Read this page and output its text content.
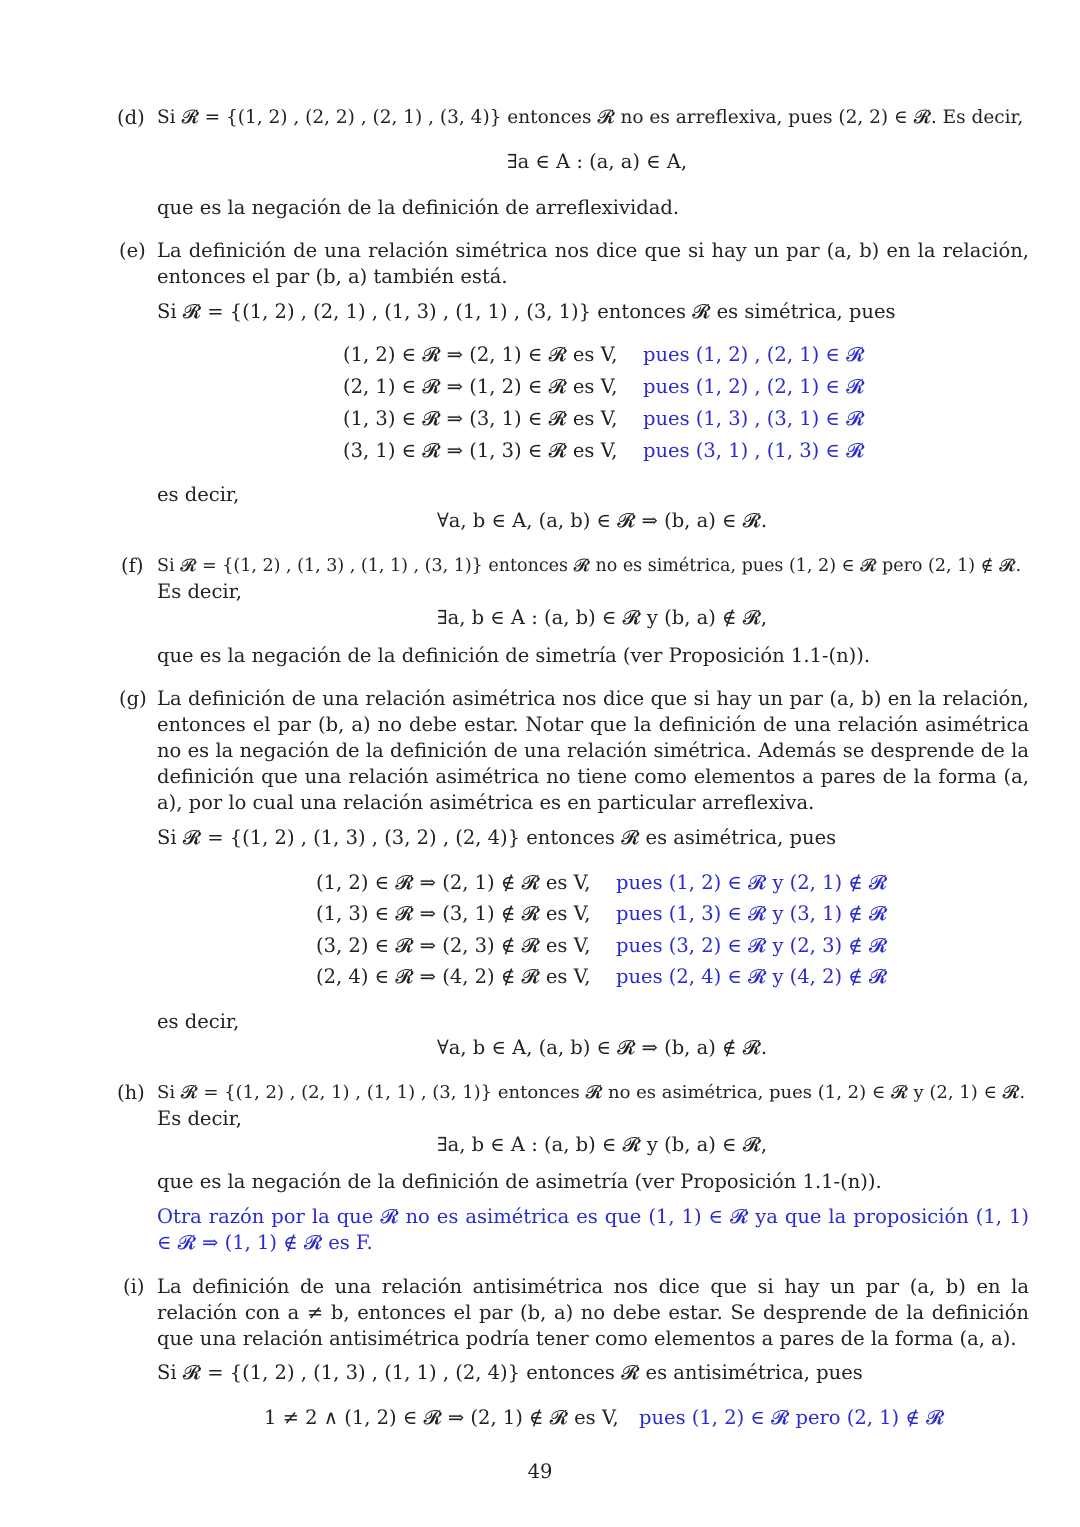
(d) Si 𝓡 = {(1, 2) , (2, 2) , (2, 1) , (3, 4)} entonces 𝓡 no es arreflexiva, pues (2, 2) ∈ 𝓡. Es decir,
∃a ∈ A : (a, a) ∈ A,
que es la negación de la definición de arreflexividad.
(e) La definición de una relación simétrica nos dice que si hay un par (a, b) en la relación, entonces el par (b, a) también está.
Si 𝓡 = {(1, 2) , (2, 1) , (1, 3) , (1, 1) , (3, 1)} entonces 𝓡 es simétrica, pues
(1, 2) ∈ 𝓡 ⇒ (2, 1) ∈ 𝓡 es V, pues (1, 2) , (2, 1) ∈ 𝓡
(2, 1) ∈ 𝓡 ⇒ (1, 2) ∈ 𝓡 es V, pues (1, 2) , (2, 1) ∈ 𝓡
(1, 3) ∈ 𝓡 ⇒ (3, 1) ∈ 𝓡 es V, pues (1, 3) , (3, 1) ∈ 𝓡
(3, 1) ∈ 𝓡 ⇒ (1, 3) ∈ 𝓡 es V, pues (3, 1) , (1, 3) ∈ 𝓡
es decir,
∀a, b ∈ A, (a, b) ∈ 𝓡 ⇒ (b, a) ∈ 𝓡.
(f) Si 𝓡 = {(1, 2) , (1, 3) , (1, 1) , (3, 1)} entonces 𝓡 no es simétrica, pues (1, 2) ∈ 𝓡 pero (2, 1) ∉ 𝓡.
Es decir,
∃a, b ∈ A : (a, b) ∈ 𝓡 y (b, a) ∉ 𝓡,
que es la negación de la definición de simetría (ver Proposición 1.1-(n)).
(g) La definición de una relación asimétrica nos dice que si hay un par (a, b) en la relación, entonces el par (b, a) no debe estar. Notar que la definición de una relación asimétrica no es la negación de la definición de una relación simétrica. Además se desprende de la definición que una relación asimétrica no tiene como elementos a pares de la forma (a, a), por lo cual una relación asimétrica es en particular arreflexiva.
Si 𝓡 = {(1, 2) , (1, 3) , (3, 2) , (2, 4)} entonces 𝓡 es asimétrica, pues
(1, 2) ∈ 𝓡 ⇒ (2, 1) ∉ 𝓡 es V, pues (1, 2) ∈ 𝓡 y (2, 1) ∉ 𝓡
(1, 3) ∈ 𝓡 ⇒ (3, 1) ∉ 𝓡 es V, pues (1, 3) ∈ 𝓡 y (3, 1) ∉ 𝓡
(3, 2) ∈ 𝓡 ⇒ (2, 3) ∉ 𝓡 es V, pues (3, 2) ∈ 𝓡 y (2, 3) ∉ 𝓡
(2, 4) ∈ 𝓡 ⇒ (4, 2) ∉ 𝓡 es V, pues (2, 4) ∈ 𝓡 y (4, 2) ∉ 𝓡
es decir,
∀a, b ∈ A, (a, b) ∈ 𝓡 ⇒ (b, a) ∉ 𝓡.
(h) Si 𝓡 = {(1, 2) , (2, 1) , (1, 1) , (3, 1)} entonces 𝓡 no es asimétrica, pues (1, 2) ∈ 𝓡 y (2, 1) ∈ 𝓡.
Es decir,
∃a, b ∈ A : (a, b) ∈ 𝓡 y (b, a) ∈ 𝓡,
que es la negación de la definición de asimetría (ver Proposición 1.1-(n)).
Otra razón por la que 𝓡 no es asimétrica es que (1, 1) ∈ 𝓡 ya que la proposición (1, 1) ∈ 𝓡 ⇒ (1, 1) ∉ 𝓡 es F.
(i) La definición de una relación antisimétrica nos dice que si hay un par (a, b) en la relación con a ≠ b, entonces el par (b, a) no debe estar. Se desprende de la definición que una relación antisimétrica podría tener como elementos a pares de la forma (a, a).
Si 𝓡 = {(1, 2) , (1, 3) , (1, 1) , (2, 4)} entonces 𝓡 es antisimétrica, pues
1 ≠ 2 ∧ (1, 2) ∈ 𝓡 ⇒ (2, 1) ∉ 𝓡 es V, pues (1, 2) ∈ 𝓡 pero (2, 1) ∉ 𝓡
49
